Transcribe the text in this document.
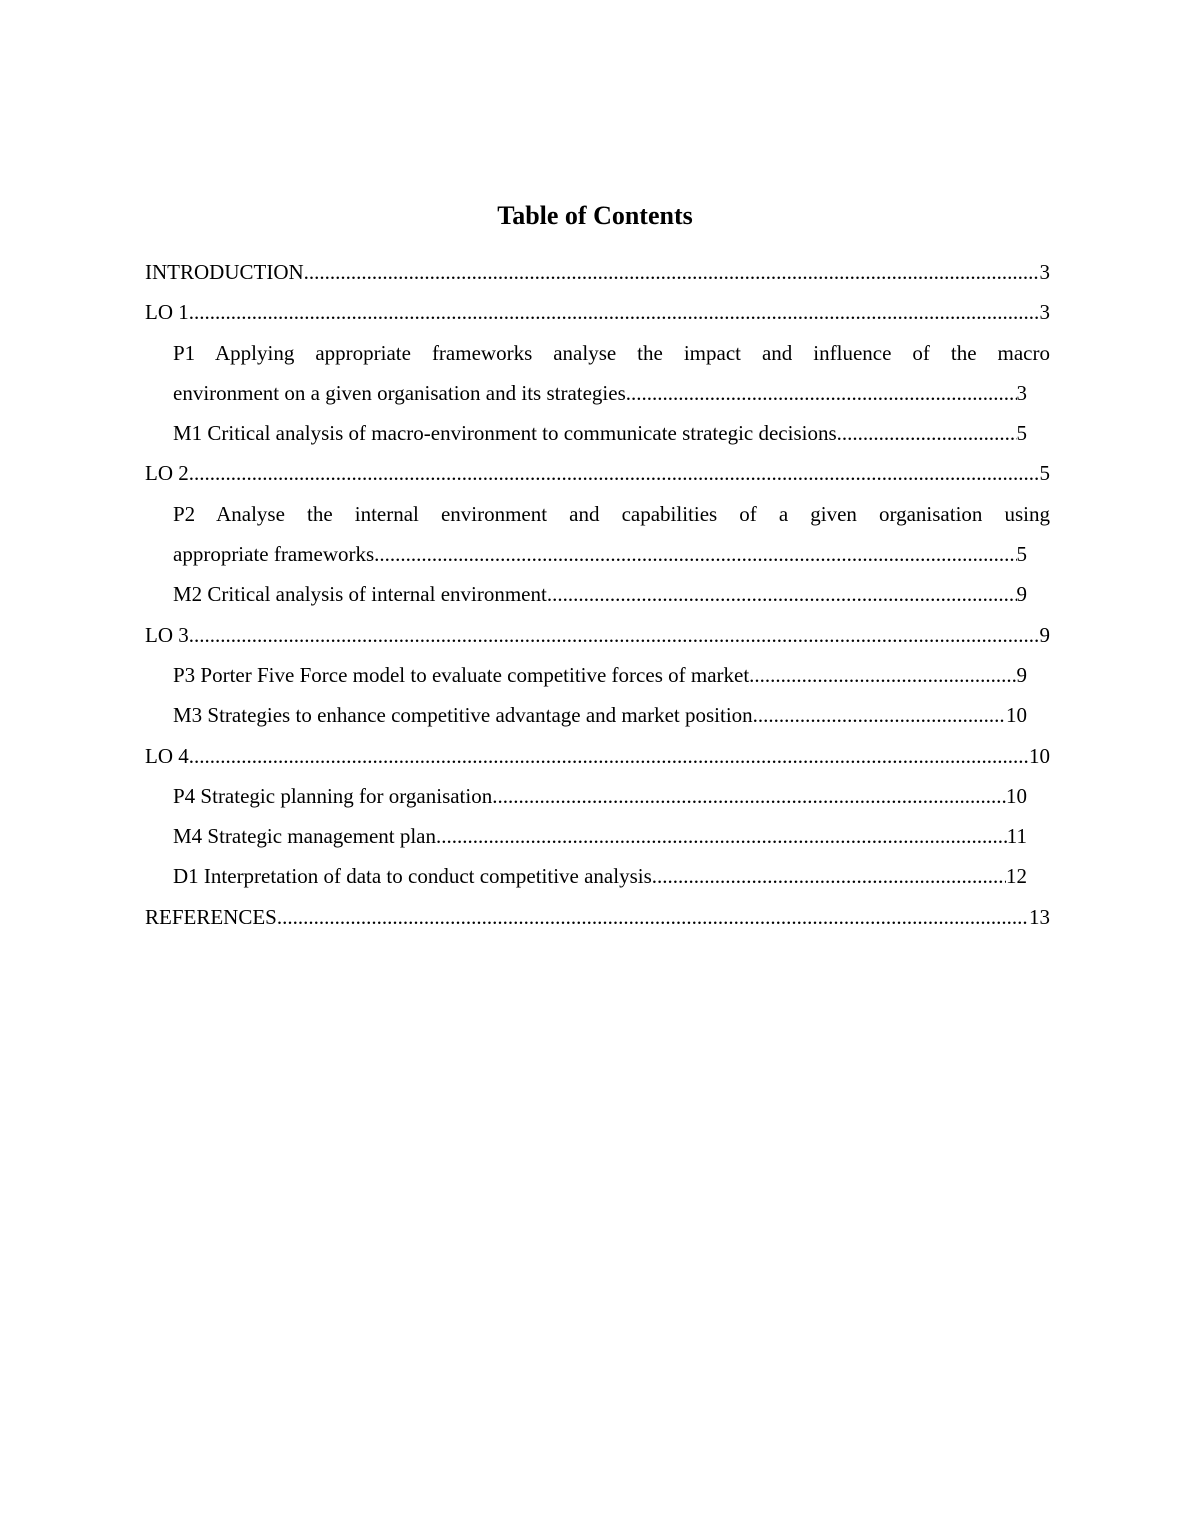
Table of Contents
INTRODUCTION .....	3
LO 1 .....	3
P1 Applying appropriate frameworks analyse the impact and influence of the macro
environment on a given organisation and its strategies .....	3
M1 Critical analysis of macro-environment to communicate strategic decisions .....	5
LO 2 .....	5
P2 Analyse the internal environment and capabilities of a given organisation using
appropriate frameworks .....	5
M2 Critical analysis of internal environment .....	9
LO 3 .....	9
P3 Porter Five Force model to evaluate competitive forces of market .....	9
M3 Strategies to enhance competitive advantage and market position .....	10
LO 4 .....	10
P4 Strategic planning for organisation .....	10
M4 Strategic management plan .....	11
D1 Interpretation of data to conduct competitive analysis .....	12
REFERENCES .....	13
